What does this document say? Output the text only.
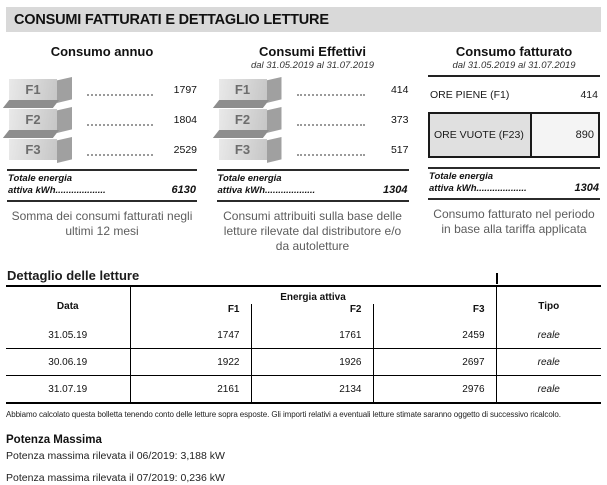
CONSUMI FATTURATI E DETTAGLIO LETTURE
Consumo annuo
F1	1797
F2	1804
F3	2529
Totale energia
attiva kWh...................	6130
Somma dei consumi fatturati negli ultimi 12 mesi
Consumi Effettivi
dal 31.05.2019 al 31.07.2019
F1	414
F2	373
F3	517
Totale energia
attiva kWh...................	1304
Consumi attribuiti sulla base delle letture rilevate dal distributore e/o da autoletture
Consumo fatturato
dal 31.05.2019 al 31.07.2019
ORE PIENE (F1)	414
ORE VUOTE (F23)	890
Totale energia
attiva kWh...................	1304
Consumo fatturato nel periodo in base alla tariffa applicata
Dettaglio delle letture
Data	Energia attiva			Tipo
	F1	F2	F3	
31.05.19	1747	1761	2459	reale
30.06.19	1922	1926	2697	reale
31.07.19	2161	2134	2976	reale
Abbiamo calcolato questa bolletta tenendo conto delle letture sopra esposte. Gli importi relativi a eventuali letture stimate saranno oggetto di successivo ricalcolo.
Potenza Massima
Potenza massima rilevata il 06/2019: 3,188 kW
Potenza massima rilevata il 07/2019: 0,236 kW
